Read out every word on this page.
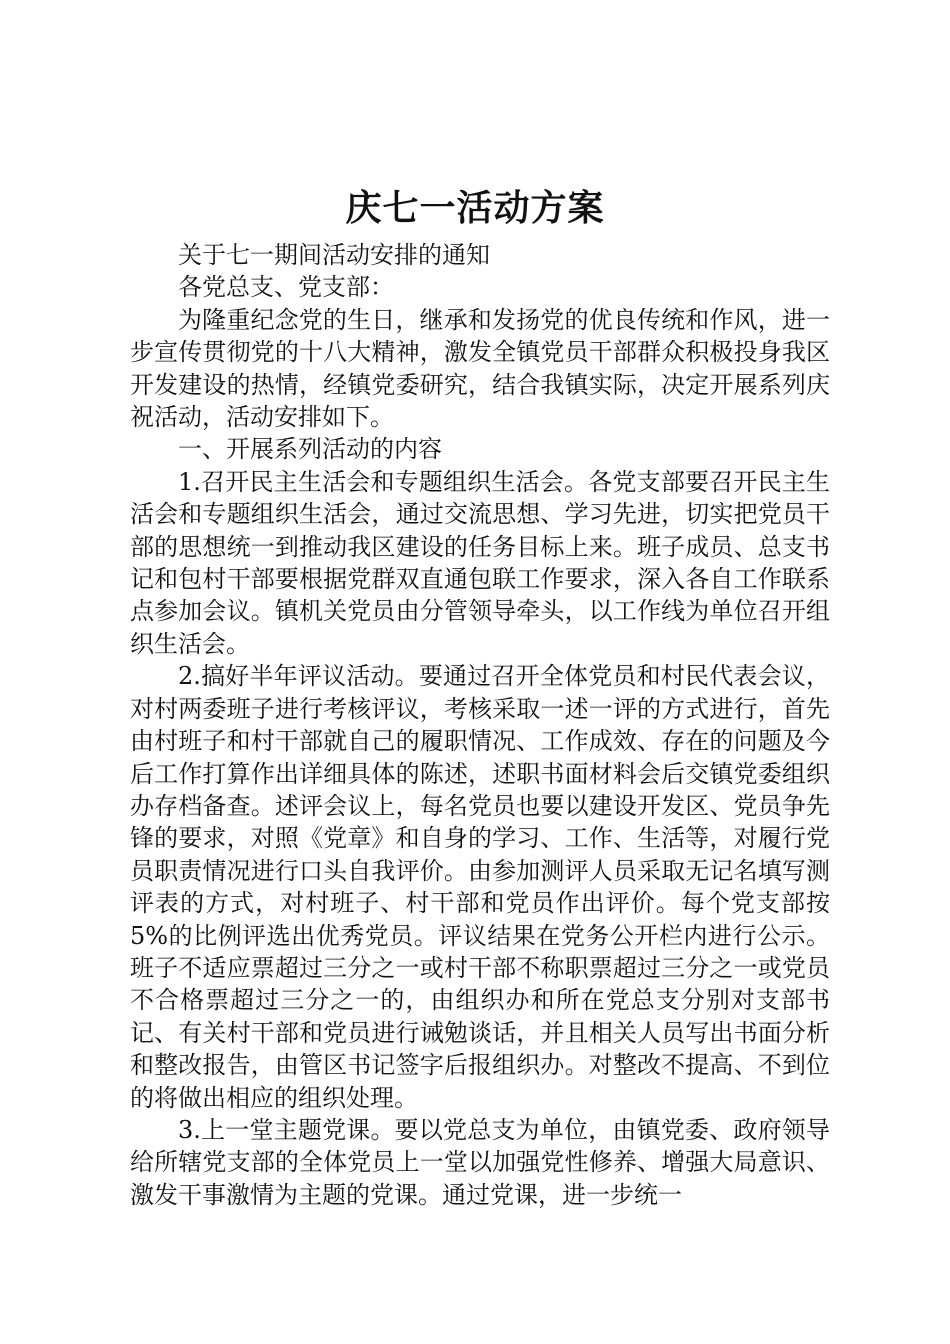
庆七一活动方案

关于七一期间活动安排的通知

各党总支、党支部：

为隆重纪念党的生日，继承和发扬党的优良传统和作风，进一步宣传贯彻党的十八大精神，激发全镇党员干部群众积极投身我区开发建设的热情，经镇党委研究，结合我镇实际，决定开展系列庆祝活动，活动安排如下。

一、开展系列活动的内容

1.召开民主生活会和专题组织生活会。各党支部要召开民主生活会和专题组织生活会，通过交流思想、学习先进，切实把党员干部的思想统一到推动我区建设的任务目标上来。班子成员、总支书记和包村干部要根据党群双直通包联工作要求，深入各自工作联系点参加会议。镇机关党员由分管领导牵头，以工作线为单位召开组织生活会。

2.搞好半年评议活动。要通过召开全体党员和村民代表会议，对村两委班子进行考核评议，考核采取一述一评的方式进行，首先由村班子和村干部就自己的履职情况、工作成效、存在的问题及今后工作打算作出详细具体的陈述，述职书面材料会后交镇党委组织办存档备查。述评会议上，每名党员也要以建设开发区、党员争先锋的要求，对照《党章》和自身的学习、工作、生活等，对履行党员职责情况进行口头自我评价。由参加测评人员采取无记名填写测评表的方式，对村班子、村干部和党员作出评价。每个党支部按5%的比例评选出优秀党员。评议结果在党务公开栏内进行公示。班子不适应票超过三分之一或村干部不称职票超过三分之一或党员不合格票超过三分之一的，由组织办和所在党总支分别对支部书记、有关村干部和党员进行诫勉谈话，并且相关人员写出书面分析和整改报告，由管区书记签字后报组织办。对整改不提高、不到位的将做出相应的组织处理。

3.上一堂主题党课。要以党总支为单位，由镇党委、政府领导给所辖党支部的全体党员上一堂以加强党性修养、增强大局意识、激发干事激情为主题的党课。通过党课，进一步统一
